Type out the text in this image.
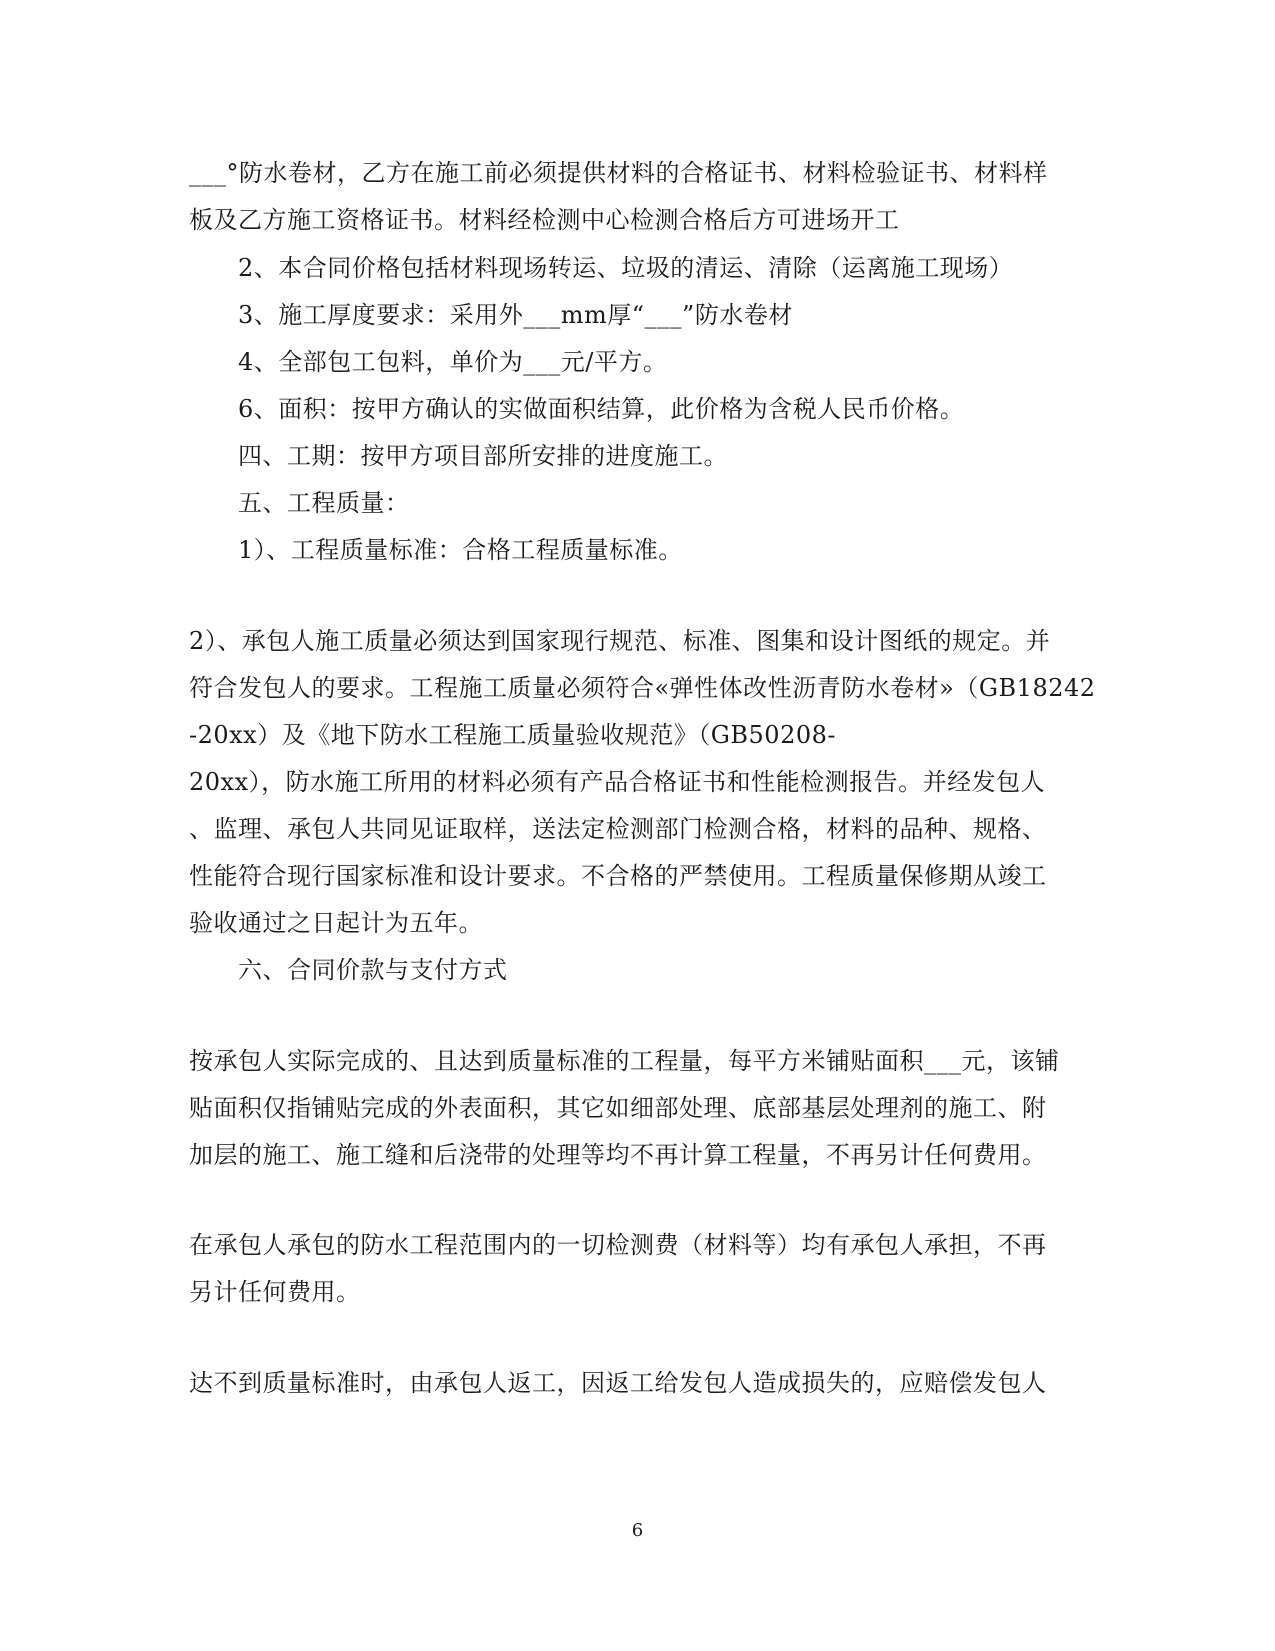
___°防水卷材，乙方在施工前必须提供材料的合格证书、材料检验证书、材料样
板及乙方施工资格证书。材料经检测中心检测合格后方可进场开工
2、本合同价格包括材料现场转运、垃圾的清运、清除（运离施工现场）
3、施工厚度要求：采用外___mm厚“___”防水卷材
4、全部包工包料，单价为___元/平方。
6、面积：按甲方确认的实做面积结算，此价格为含税人民币价格。
四、工期：按甲方项目部所安排的进度施工。
五、工程质量：
1）、工程质量标准：合格工程质量标准。
2）、承包人施工质量必须达到国家现行规范、标准、图集和设计图纸的规定。并
符合发包人的要求。工程施工质量必须符合«弹性体改性沥青防水卷材»（GB18242
-20xx）及《地下防水工程施工质量验收规范》（GB50208-
20xx），防水施工所用的材料必须有产品合格证书和性能检测报告。并经发包人
、监理、承包人共同见证取样，送法定检测部门检测合格，材料的品种、规格、
性能符合现行国家标准和设计要求。不合格的严禁使用。工程质量保修期从竣工
验收通过之日起计为五年。
六、合同价款与支付方式
按承包人实际完成的、且达到质量标准的工程量，每平方米铺贴面积___元，该铺
贴面积仅指铺贴完成的外表面积，其它如细部处理、底部基层处理剂的施工、附
加层的施工、施工缝和后浇带的处理等均不再计算工程量，不再另计任何费用。
在承包人承包的防水工程范围内的一切检测费（材料等）均有承包人承担，不再
另计任何费用。
达不到质量标准时，由承包人返工，因返工给发包人造成损失的，应赔偿发包人
6
